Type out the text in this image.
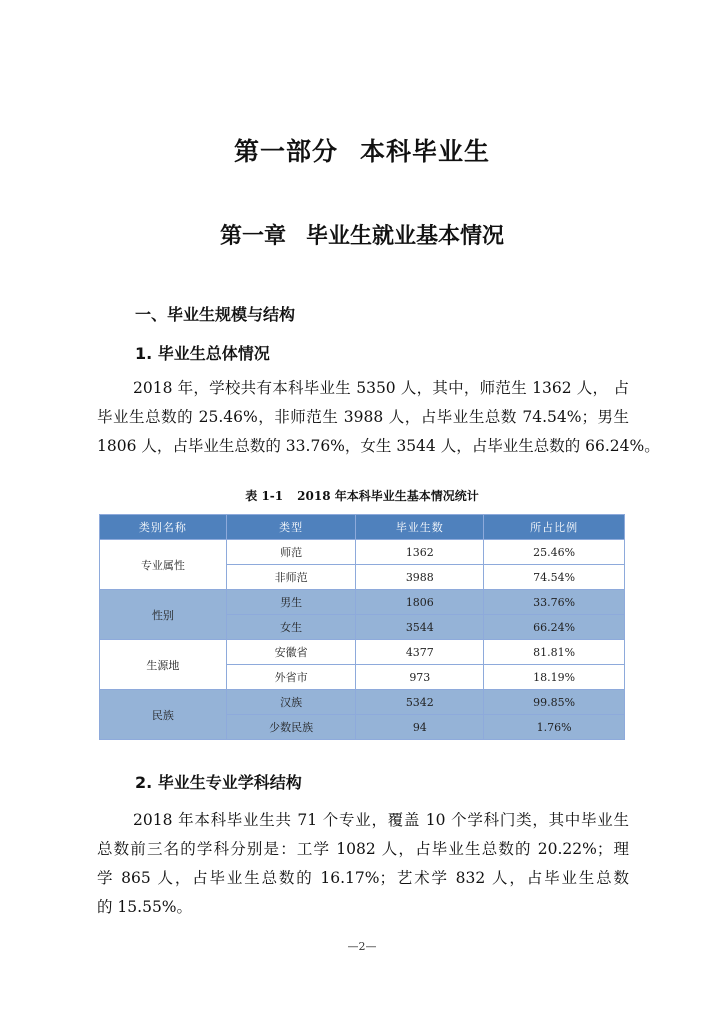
第一部分 本科毕业生
第一章 毕业生就业基本情况
一、毕业生规模与结构
1. 毕业生总体情况

2018 年，学校共有本科毕业生 5350 人，其中，师范生 1362 人， 占
毕业生总数的 25.46%，非师范生 3988 人，占毕业生总数 74.54%；男生
1806 人，占毕业生总数的 33.76%，女生 3544 人，占毕业生总数的 66.24%。

表 1-1 2018 年本科毕业生基本情况统计

类别名称	类型	毕业生数	所占比例
专业属性	师范	1362	25.46%
	非师范	3988	74.54%
性别	男生	1806	33.76%
	女生	3544	66.24%
生源地	安徽省	4377	81.81%
	外省市	973	18.19%
民族	汉族	5342	99.85%
	少数民族	94	1.76%
2. 毕业生专业学科结构

2018 年本科毕业生共 71 个专业，覆盖 10 个学科门类，其中毕业生
总数前三名的学科分别是：工学 1082 人，占毕业生总数的 20.22%；理
学 865 人，占毕业生总数的 16.17%；艺术学 832 人，占毕业生总数
的 15.55%。

—2—
